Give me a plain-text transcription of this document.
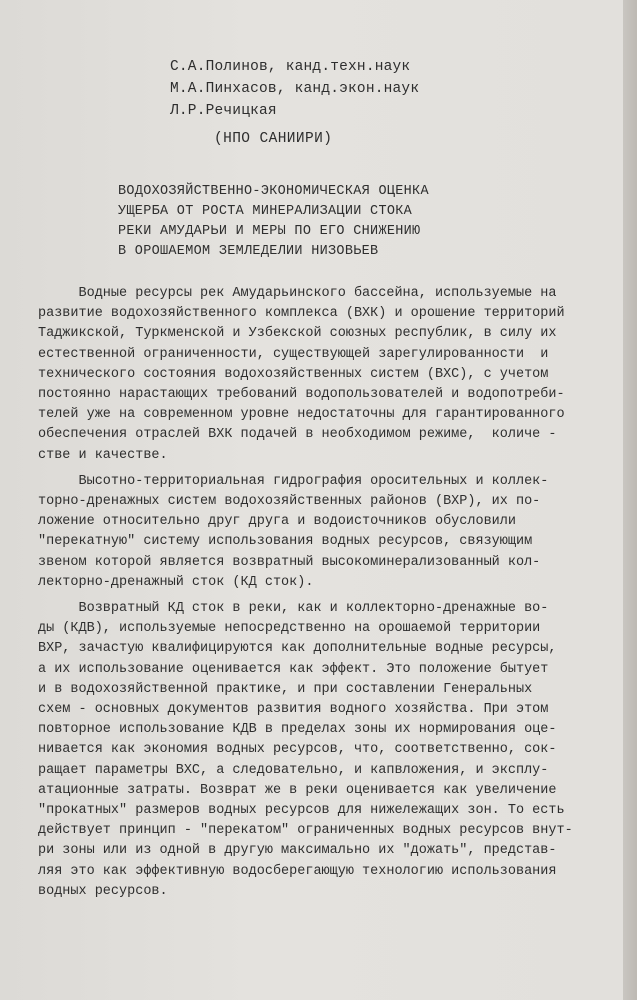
С.А.Полинов, канд.техн.наук
М.А.Пинхасов, канд.экон.наук
Л.Р.Речицкая
(НПО САНИИРИ)
ВОДОХОЗЯЙСТВЕННО-ЭКОНОМИЧЕСКАЯ ОЦЕНКА
УЩЕРБА ОТ РОСТА МИНЕРАЛИЗАЦИИ СТОКА
РЕКИ АМУДАРЬИ И МЕРЫ ПО ЕГО СНИЖЕНИЮ
В ОРОШАЕМОМ ЗЕМЛЕДЕЛИИ НИЗОВЬЕВ
Водные ресурсы рек Амударьинского бассейна, используемые на
развитие водохозяйственного комплекса (ВХК) и орошение территорий
Таджикской, Туркменской и Узбекской союзных республик, в силу их
естественной ограниченности, существующей зарегулированности  и
технического состояния водохозяйственных систем (ВХС), с учетом
постоянно нарастающих требований водопользователей и водопотреби-
телей уже на современном уровне недостаточны для гарантированного
обеспечения отраслей ВХК подачей в необходимом режиме,  количе -
стве и качестве.
Высотно-территориальная гидрография оросительных и коллек-
торно-дренажных систем водохозяйственных районов (ВХР), их по-
ложение относительно друг друга и водоисточников обусловили
"перекатную" систему использования водных ресурсов, связующим
звеном которой является возвратный высокоминерализованный кол-
лекторно-дренажный сток (КД сток).
Возвратный КД сток в реки, как и коллекторно-дренажные во-
ды (КДВ), используемые непосредственно на орошаемой территории
ВХР, зачастую квалифицируются как дополнительные водные ресурсы,
а их использование оценивается как эффект. Это положение бытует
и в водохозяйственной практике, и при составлении Генеральных
схем - основных документов развития водного хозяйства. При этом
повторное использование КДВ в пределах зоны их нормирования оце-
нивается как экономия водных ресурсов, что, соответственно, сок-
ращает параметры ВХС, а следовательно, и капвложения, и эксплу-
атационные затраты. Возврат же в реки оценивается как увеличение
"прокатных" размеров водных ресурсов для нижележащих зон. То есть
действует принцип - "перекатом" ограниченных водных ресурсов внут-
ри зоны или из одной в другую максимально их "дожать", представ-
ляя это как эффективную водосберегающую технологию использования
водных ресурсов.
